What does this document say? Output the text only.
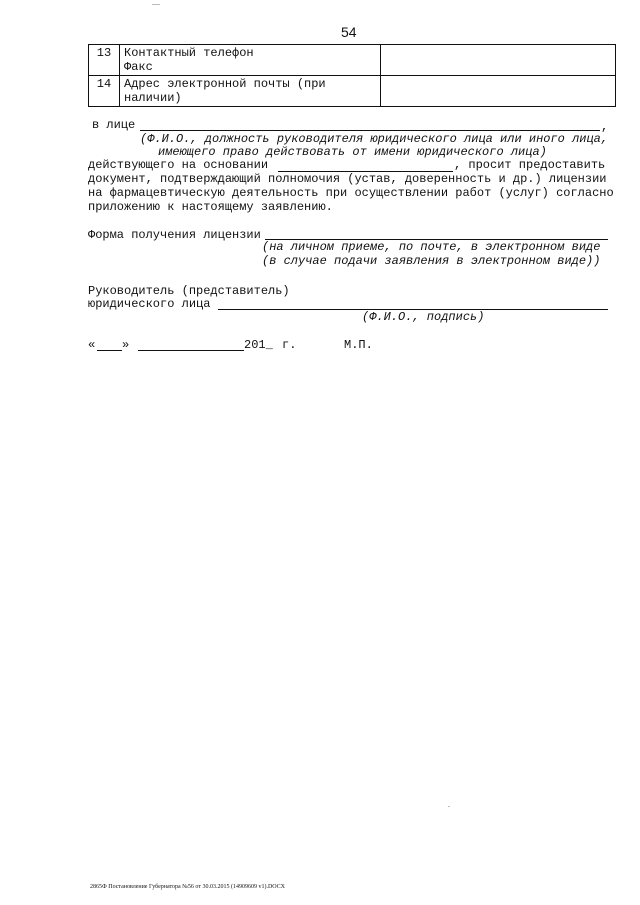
54
13	Контактный телефон
Факс	

14	Адрес электронной почты (при
наличии)	

в лице	,
(Ф.И.О., должность руководителя юридического лица или иного лица,
имеющего право действовать от имени юридического лица)
действующего на основании	, просит предоставить
документ, подтверждающий полномочия (устав, доверенность и др.) лицензии
на фармацевтическую деятельность при осуществлении работ (услуг) согласно
приложению к настоящему заявлению.
Форма получения лицензии
(на личном приеме, по почте, в электронном виде
(в случае подачи заявления в электронном виде))
Руководитель (представитель)
юридического лица
(Ф.И.О., подпись)
« »	201_ г.	М.П.
2865Ф Постановление Губернатора №56 от 30.03.2015 (14909609 v1).DOCX
